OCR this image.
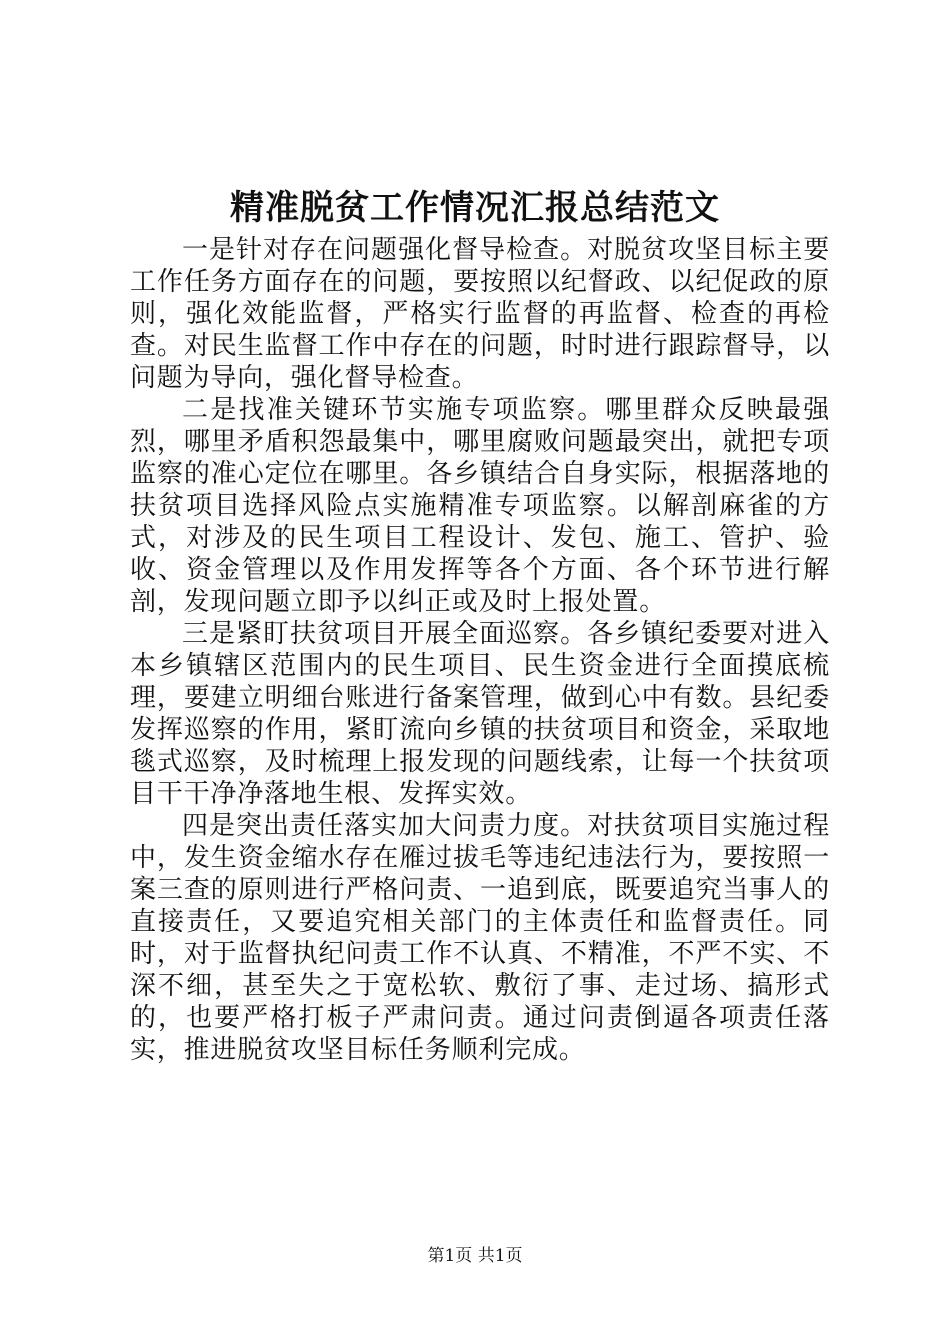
精准脱贫工作情况汇报总结范文

一是针对存在问题强化督导检查。对脱贫攻坚目标主要工作任务方面存在的问题，要按照以纪督政、以纪促政的原则，强化效能监督，严格实行监督的再监督、检查的再检查。对民生监督工作中存在的问题，时时进行跟踪督导，以问题为导向，强化督导检查。

二是找准关键环节实施专项监察。哪里群众反映最强烈，哪里矛盾积怨最集中，哪里腐败问题最突出，就把专项监察的准心定位在哪里。各乡镇结合自身实际，根据落地的扶贫项目选择风险点实施精准专项监察。以解剖麻雀的方式，对涉及的民生项目工程设计、发包、施工、管护、验收、资金管理以及作用发挥等各个方面、各个环节进行解剖，发现问题立即予以纠正或及时上报处置。

三是紧盯扶贫项目开展全面巡察。各乡镇纪委要对进入本乡镇辖区范围内的民生项目、民生资金进行全面摸底梳理，要建立明细台账进行备案管理，做到心中有数。县纪委发挥巡察的作用，紧盯流向乡镇的扶贫项目和资金，采取地毯式巡察，及时梳理上报发现的问题线索，让每一个扶贫项目干干净净落地生根、发挥实效。

四是突出责任落实加大问责力度。对扶贫项目实施过程中，发生资金缩水存在雁过拔毛等违纪违法行为，要按照一案三查的原则进行严格问责、一追到底，既要追究当事人的直接责任，又要追究相关部门的主体责任和监督责任。同时，对于监督执纪问责工作不认真、不精准，不严不实、不深不细，甚至失之于宽松软、敷衍了事、走过场、搞形式的，也要严格打板子严肃问责。通过问责倒逼各项责任落实，推进脱贫攻坚目标任务顺利完成。

第1页 共1页
